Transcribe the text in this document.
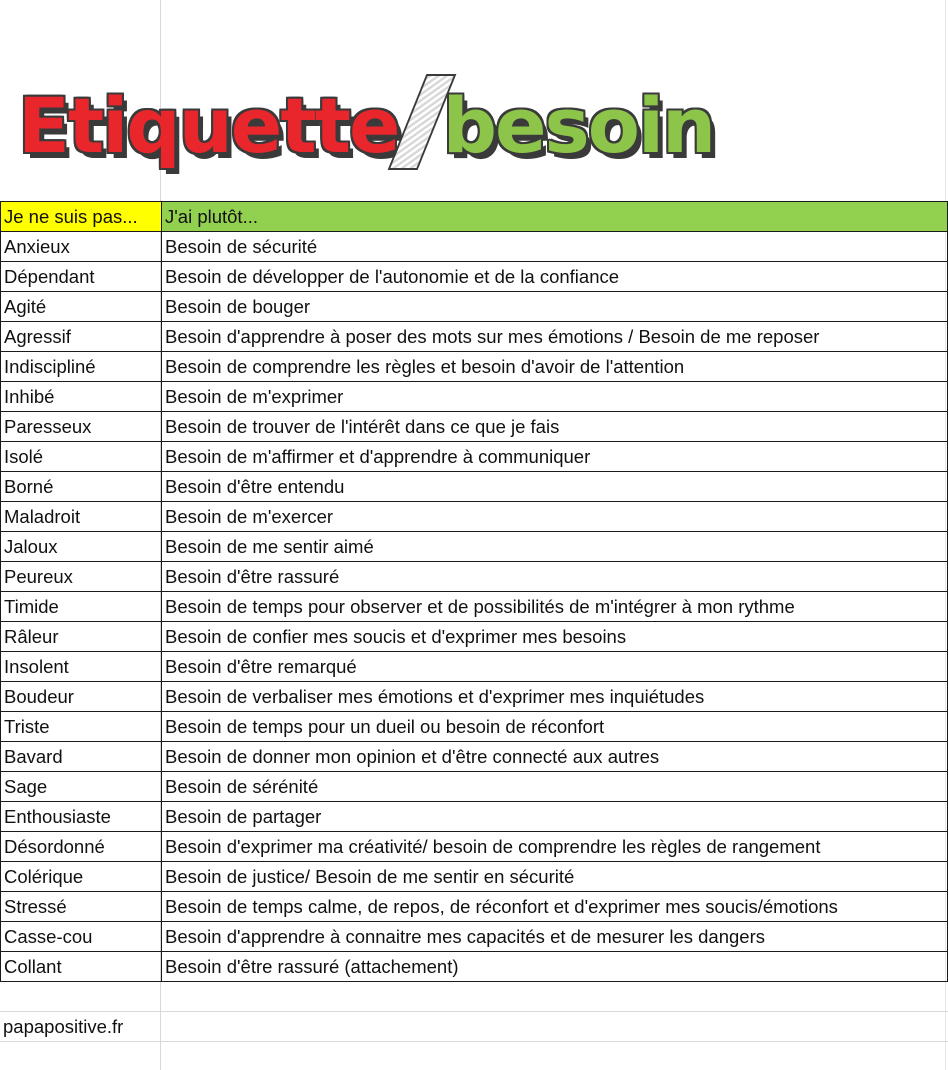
Etiquette besoin
Je ne suis pas...	J'ai plutôt...
Anxieux	Besoin de sécurité
Dépendant	Besoin de développer de l'autonomie et de la confiance
Agité	Besoin de bouger
Agressif	Besoin d'apprendre à poser des mots sur mes émotions / Besoin de me reposer
Indiscipliné	Besoin de comprendre les règles et besoin d'avoir de l'attention
Inhibé	Besoin de m'exprimer
Paresseux	Besoin de trouver de l'intérêt dans ce que je fais
Isolé	Besoin de m'affirmer et d'apprendre à communiquer
Borné	Besoin d'être entendu
Maladroit	Besoin de m'exercer
Jaloux	Besoin de me sentir aimé
Peureux	Besoin d'être rassuré
Timide	Besoin de temps pour observer et de possibilités de m'intégrer à mon rythme
Râleur	Besoin de confier mes soucis et d'exprimer mes besoins
Insolent	Besoin d'être remarqué
Boudeur	Besoin de verbaliser mes émotions et d'exprimer mes inquiétudes
Triste	Besoin de temps pour un dueil ou besoin de réconfort
Bavard	Besoin de donner mon opinion et d'être connecté aux autres
Sage	Besoin de sérénité
Enthousiaste	Besoin de partager
Désordonné	Besoin d'exprimer ma créativité/ besoin de comprendre les règles de rangement
Colérique	Besoin de justice/ Besoin de me sentir en sécurité
Stressé	Besoin de temps calme, de repos, de réconfort et d'exprimer mes soucis/émotions
Casse-cou	Besoin d'apprendre à connaitre mes capacités et de mesurer les dangers
Collant	Besoin d'être rassuré (attachement)
papapositive.fr
